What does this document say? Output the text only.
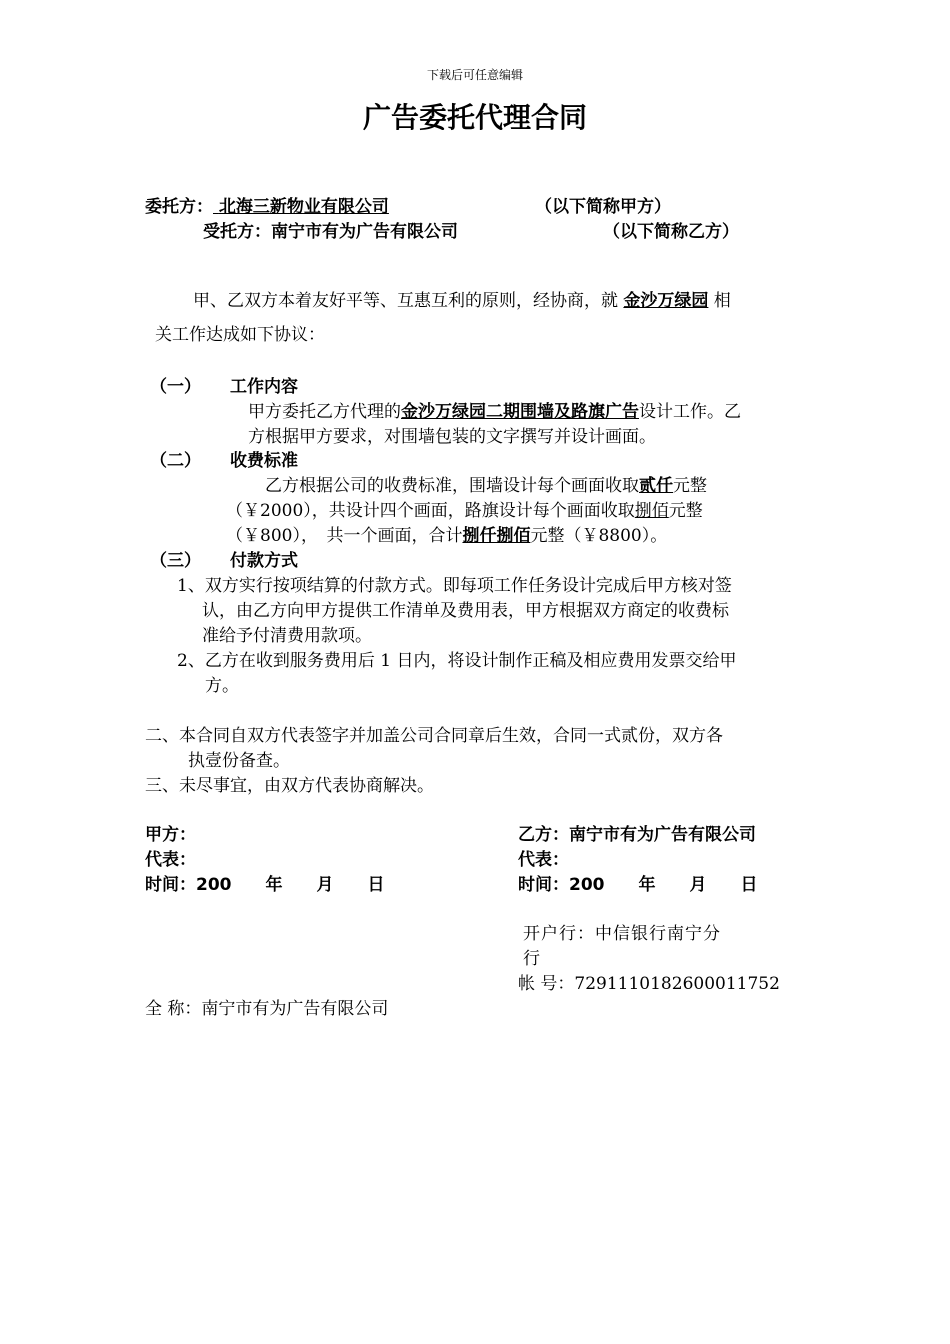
下载后可任意编辑
广告委托代理合同
委托方： 北海三新物业有限公司	（以下简称甲方）
受托方：南宁市有为广告有限公司	（以下简称乙方）
甲、乙双方本着友好平等、互惠互利的原则，经协商，就 金沙万绿园 相
关工作达成如下协议：
（一） 工作内容
甲方委托乙方代理的金沙万绿园二期围墙及路旗广告设计工作。乙
方根据甲方要求，对围墙包装的文字撰写并设计画面。
（二） 收费标准
乙方根据公司的收费标准，围墙设计每个画面收取贰仟元整
（￥2000），共设计四个画面，路旗设计每个画面收取捌佰元整
（￥800），　共一个画面，合计捌仟捌佰元整（￥8800）。
（三） 付款方式
1、双方实行按项结算的付款方式。即每项工作任务设计完成后甲方核对签
认，由乙方向甲方提供工作清单及费用表，甲方根据双方商定的收费标
准给予付清费用款项。
2、乙方在收到服务费用后 1 日内，将设计制作正稿及相应费用发票交给甲
方。
二、本合同自双方代表签字并加盖公司合同章后生效，合同一式贰份，双方各
执壹份备查。
三、未尽事宜，由双方代表协商解决。
甲方：
代表：
时间：200　　年　　月　　日
乙方：南宁市有为广告有限公司
代表：
时间：200　　年　　月　　日
开户行：中信银行南宁分
行
帐 号：7291110182600011752
全 称：南宁市有为广告有限公司
